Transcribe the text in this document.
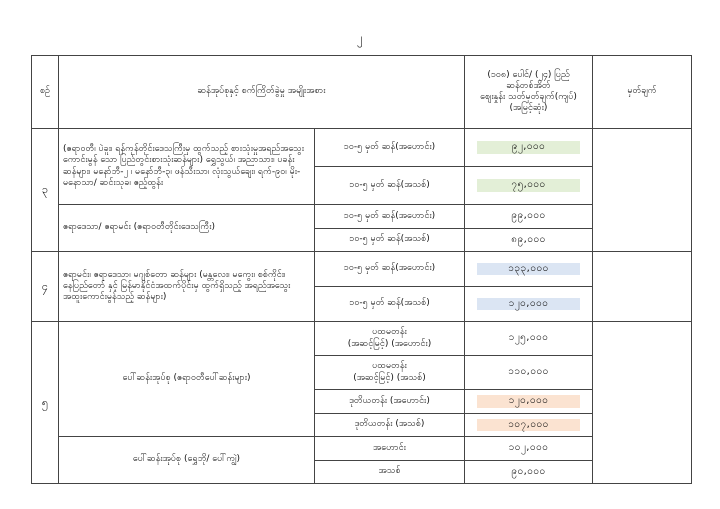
၂
စဉ်	ဆန်အုပ်စုနှင့် စက်ကြိတ်ခွဲမှု အမျိုးအစား		(၁၀၈) ပေါင်/ (၂၄) ပြည်
ဆန်တစ်အိတ်
ဈေးနှုန်း သတ်မှတ်ချက်(ကျပ်)
(အမြင့်ဆုံး)	မှတ်ချက်
၃	(ဧရာဝတီ၊ ပဲခူး၊ ရန်ကုန်တိုင်းဒေသကြီးမှ ထွက်သည့် စားသုံးမှုအရည်အသွေး ကောင်းမွန် သော ပြည်တွင်းစားသုံးဆန်များ) ရွှေသွယ်၊ အညာသား၊ ပခန်း ဆန်များ၊ မနော်ဘီ-၂ ၊ မနော်ဘီ-၃၊ ဖန်သီးသာ၊ လုံးသွယ်ချေး၊ ရက်-၉၀၊ မိုး-မနောသာ/ ဆင်းသုခ၊ ဧည့်ထွန်း	၁၀-၅ မှတ် ဆန်(အဟောင်း)	၉၂,၀၀၀	

		၁၀-၅ မှတ် ဆန်(အသစ်)	၇၅,၀၀၀	

	ဧရာဒေသာ/ ဧရာမင်း (ဧရာဝတီတိုင်းဒေသကြီး)	၁၀-၅ မှတ် ဆန်(အဟောင်း)	၉၉,၀၀၀	

		၁၀-၅ မှတ် ဆန်(အသစ်)	၈၉,၀၀၀	

၄	ဧရာမင်း၊ ဧရာဒေသာ၊ မဂျစ်တော ဆန်များ (မန္တလေး၊ မကွေး၊ စစ်ကိုင်း၊ နေပြည်တော် နှင့် မြန်မာနိုင်ငံအထက်ပိုင်းမှ ထွက်ရှိသည့် အရည်အသွေး အထူးကောင်းမွန်သည့် ဆန်များ)	၁၀-၅ မှတ် ဆန်(အဟောင်း)	၁၃၃,၀၀၀	

		၁၀-၅ မှတ် ဆန်(အသစ်)	၁၂၀,၀၀၀	

၅	ပေါ်ဆန်းအုပ်စု (ဧရာဝတီပေါ်ဆန်းများ)	ပထမတန်း
(အဆင့်မြင့်) (အဟောင်း)	၁၂၅,၀၀၀	

		ပထမတန်း
(အဆင့်မြင့်) (အသစ်)	၁၁၀,၀၀၀	

		ဒုတိယတန်း (အဟောင်း)	၁၂၀,၀၀၀	

		ဒုတိယတန်း (အသစ်)	၁၀၇,၀၀၀	

	ပေါ်ဆန်းအုပ်စု (ရွှေဘို/ ပေါ်ကျွဲ)	အဟောင်း	၁၀၂,၀၀၀	

		အသစ်	၉၀,၀၀၀	
